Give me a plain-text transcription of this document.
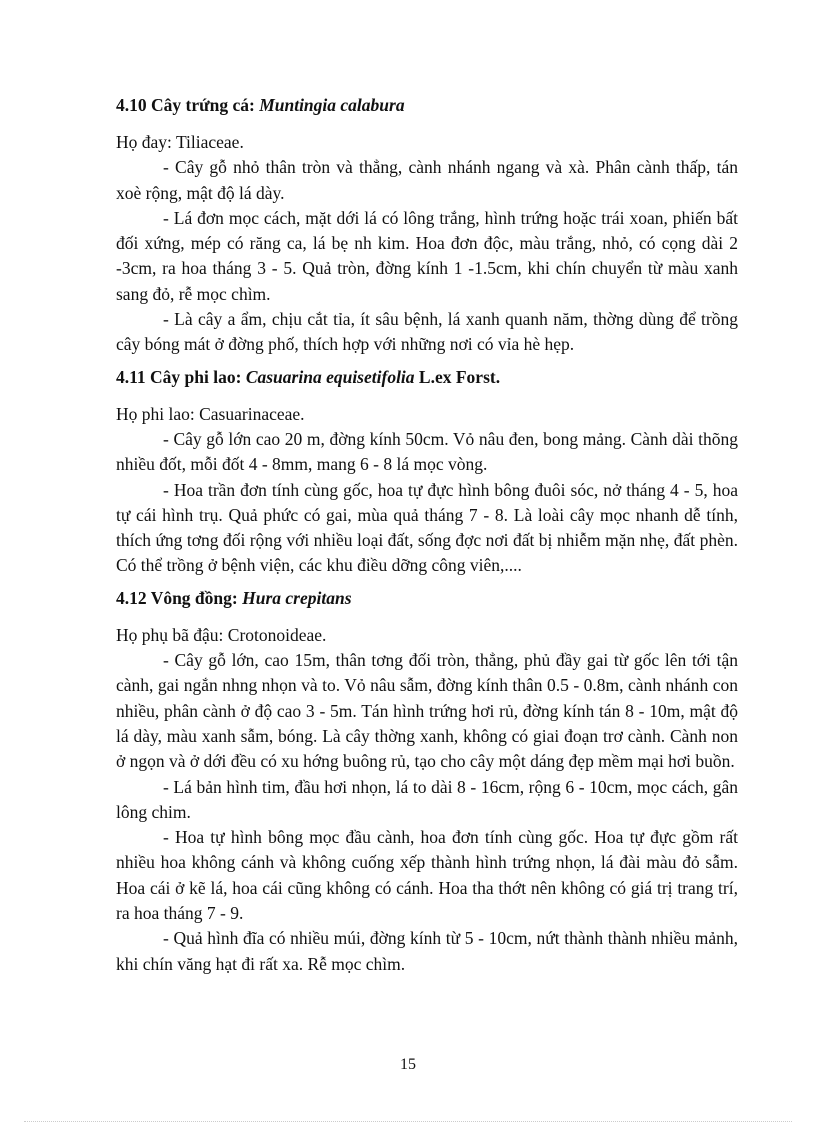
4.10 Cây trứng cá: Muntingia calabura

Họ đay: Tiliaceae.

- Cây gỗ nhỏ thân tròn và thẳng, cành nhánh ngang và xà. Phân cành thấp, tán xoè rộng, mật độ lá dày.

- Lá đơn mọc cách, mặt dới lá có lông trắng, hình trứng hoặc trái xoan, phiến bất đối xứng, mép có răng ca, lá bẹ nh kim. Hoa đơn độc, màu trắng, nhỏ, có cọng dài 2 -3cm, ra hoa tháng 3 - 5. Quả tròn, đờng kính 1 -1.5cm, khi chín chuyển từ màu xanh sang đỏ, rễ mọc chìm.

- Là cây a ẩm, chịu cắt tỉa, ít sâu bệnh, lá xanh quanh năm, thờng dùng để trồng cây bóng mát ở đờng phố, thích hợp với những nơi có vỉa hè hẹp.

4.11 Cây phi lao: Casuarina equisetifolia L.ex Forst.

Họ phi lao: Casuarinaceae.

- Cây gỗ lớn cao 20 m, đờng kính 50cm. Vỏ nâu đen, bong mảng. Cành dài thõng nhiều đốt, mỗi đốt 4 - 8mm, mang 6 - 8 lá mọc vòng.

- Hoa trần đơn tính cùng gốc, hoa tự đực hình bông đuôi sóc, nở tháng 4 - 5, hoa tự cái hình trụ. Quả phức có gai, mùa quả tháng 7 - 8. Là loài cây mọc nhanh dễ tính, thích ứng tơng đối rộng với nhiều loại đất, sống đợc nơi đất bị nhiễm mặn nhẹ, đất phèn. Có thể trồng ở bệnh viện, các khu điều dỡng công viên,....

4.12 Vông đồng: Hura crepitans

Họ phụ bã đậu: Crotonoideae.

- Cây gỗ lớn, cao 15m, thân tơng đối tròn, thẳng, phủ đầy gai từ gốc lên tới tận cành, gai ngắn nhng nhọn và to. Vỏ nâu sẫm, đờng kính thân 0.5 - 0.8m, cành nhánh con nhiều, phân cành ở độ cao 3 - 5m. Tán hình trứng hơi rủ, đờng kính tán 8 - 10m, mật độ lá dày, màu xanh sẫm, bóng. Là cây thờng xanh, không có giai đoạn trơ cành. Cành non ở ngọn và ở dới đều có xu hớng buông rủ, tạo cho cây một dáng đẹp mềm mại hơi buồn.

- Lá bản hình tim, đầu hơi nhọn, lá to dài 8 - 16cm, rộng 6 - 10cm, mọc cách, gân lông chim.

- Hoa tự hình bông mọc đầu cành, hoa đơn tính cùng gốc. Hoa tự đực gồm rất nhiều hoa không cánh và không cuống xếp thành hình trứng nhọn, lá đài màu đỏ sẫm. Hoa cái ở kẽ lá, hoa cái cũng không có cánh. Hoa tha thớt nên không có giá trị trang trí, ra hoa tháng 7 - 9.

- Quả hình đĩa có nhiều múi, đờng kính từ 5 - 10cm, nứt thành thành nhiều mảnh, khi chín văng hạt đi rất xa. Rễ mọc chìm.

15
